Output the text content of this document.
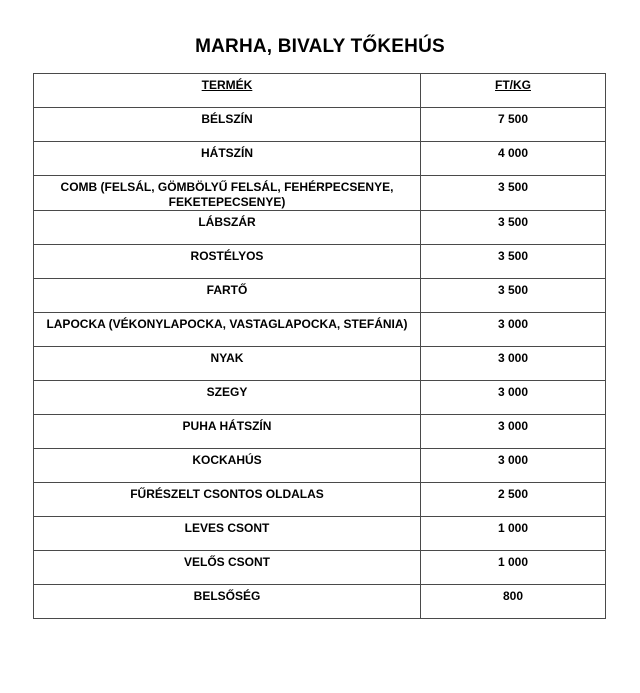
MARHA, BIVALY TŐKEHÚS
TERMÉK	FT/KG
BÉLSZÍN	7 500
HÁTSZÍN	4 000
COMB (FELSÁL, GÖMBÖLYŰ FELSÁL, FEHÉRPECSENYE, FEKETEPECSENYE)	3 500
LÁBSZÁR	3 500
ROSTÉLYOS	3 500
FARTŐ	3 500
LAPOCKA (VÉKONYLAPOCKA, VASTAGLAPOCKA, STEFÁNIA)	3 000
NYAK	3 000
SZEGY	3 000
PUHA HÁTSZÍN	3 000
KOCKAHÚS	3 000
FŰRÉSZELT CSONTOS OLDALAS	2 500
LEVES CSONT	1 000
VELŐS CSONT	1 000
BELSŐSÉG	800
